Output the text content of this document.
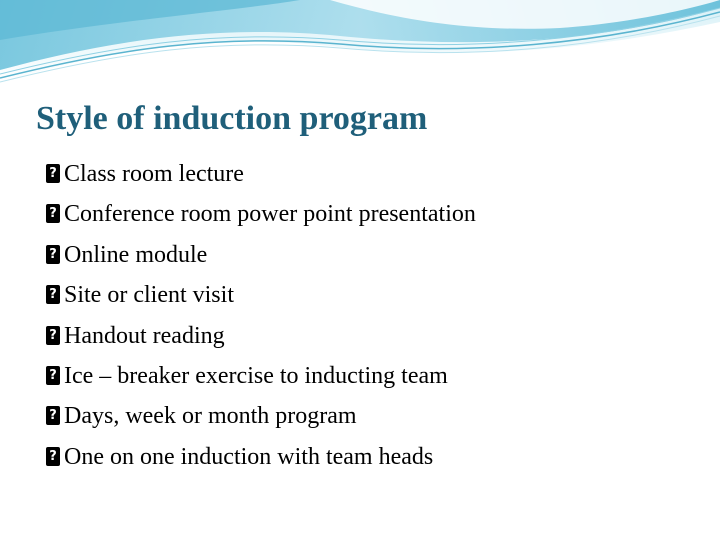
Style of induction program
?
Class room lecture
?
Conference room power point presentation
?
Online module
?
Site or client visit
?
Handout reading
?
Ice – breaker exercise to inducting team
?
Days, week or month program
?
One on one induction with team heads
